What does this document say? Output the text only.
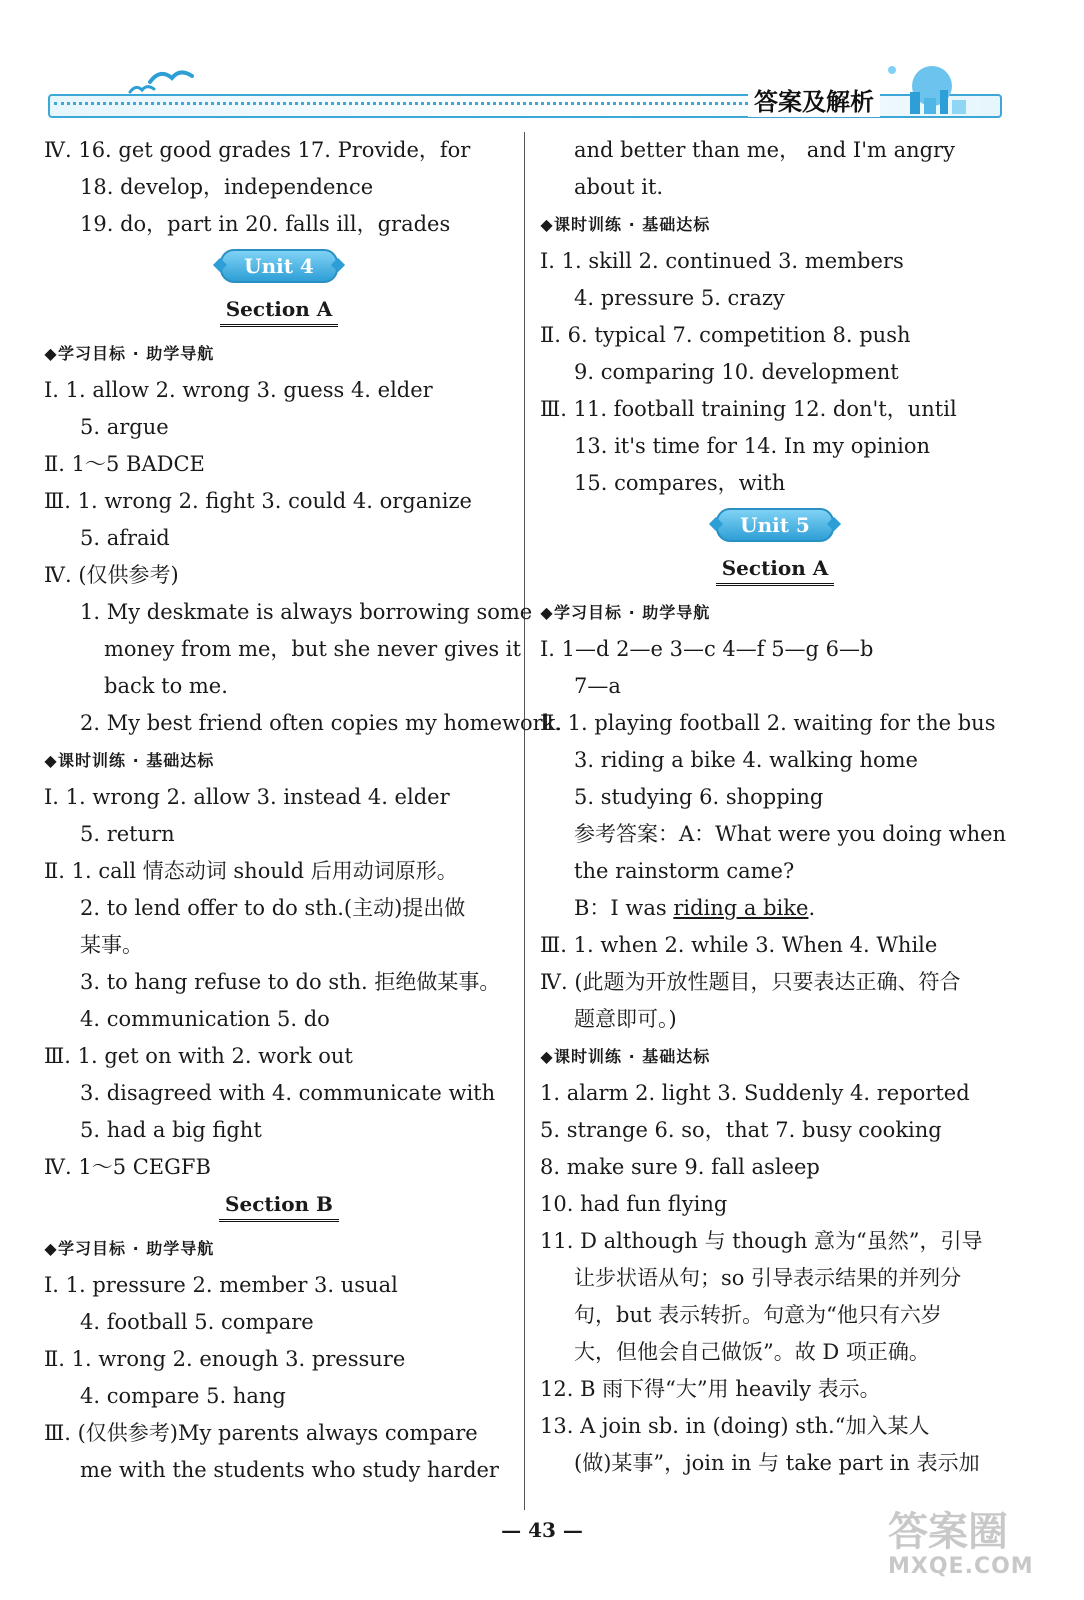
答案及解析
Ⅳ. 16. get good grades 17. Provide，for
18. develop，independence
19. do，part in 20. falls ill，grades
Unit 4
Section A
◆学习目标 · 助学导航
Ⅰ. 1. allow 2. wrong 3. guess 4. elder
5. argue
Ⅱ. 1～5 BADCE
Ⅲ. 1. wrong 2. fight 3. could 4. organize
5. afraid
Ⅳ. (仅供参考)
1. My deskmate is always borrowing some
money from me，but she never gives it
back to me.
2. My best friend often copies my homework.
◆课时训练 · 基础达标
Ⅰ. 1. wrong 2. allow 3. instead 4. elder
5. return
Ⅱ. 1. call 情态动词 should 后用动词原形。
2. to lend offer to do sth.(主动)提出做
某事。
3. to hang refuse to do sth. 拒绝做某事。
4. communication 5. do
Ⅲ. 1. get on with 2. work out
3. disagreed with 4. communicate with
5. had a big fight
Ⅳ. 1～5 CEGFB
Section B
◆学习目标 · 助学导航
Ⅰ. 1. pressure 2. member 3. usual
4. football 5. compare
Ⅱ. 1. wrong 2. enough 3. pressure
4. compare 5. hang
Ⅲ. (仅供参考)My parents always compare
me with the students who study harder
and better than me， and I'm angry
about it.
◆课时训练 · 基础达标
Ⅰ. 1. skill 2. continued 3. members
4. pressure 5. crazy
Ⅱ. 6. typical 7. competition 8. push
9. comparing 10. development
Ⅲ. 11. football training 12. don't，until
13. it's time for 14. In my opinion
15. compares，with
Unit 5
Section A
◆学习目标 · 助学导航
Ⅰ. 1—d 2—e 3—c 4—f 5—g 6—b
7—a
Ⅱ. 1. playing football 2. waiting for the bus
3. riding a bike 4. walking home
5. studying 6. shopping
参考答案：A：What were you doing when
the rainstorm came?
B：I was riding a bike.
Ⅲ. 1. when 2. while 3. When 4. While
Ⅳ. (此题为开放性题目，只要表达正确、符合
题意即可。)
◆课时训练 · 基础达标
1. alarm 2. light 3. Suddenly 4. reported
5. strange 6. so，that 7. busy cooking
8. make sure 9. fall asleep
10. had fun flying
11. D although 与 though 意为“虽然”，引导
让步状语从句；so 引导表示结果的并列分
句，but 表示转折。句意为“他只有六岁
大，但他会自己做饭”。故 D 项正确。
12. B 雨下得“大”用 heavily 表示。
13. A join sb. in (doing) sth.“加入某人
(做)某事”，join in 与 take part in 表示加
— 43 —	答案圈
MXQE.COM
